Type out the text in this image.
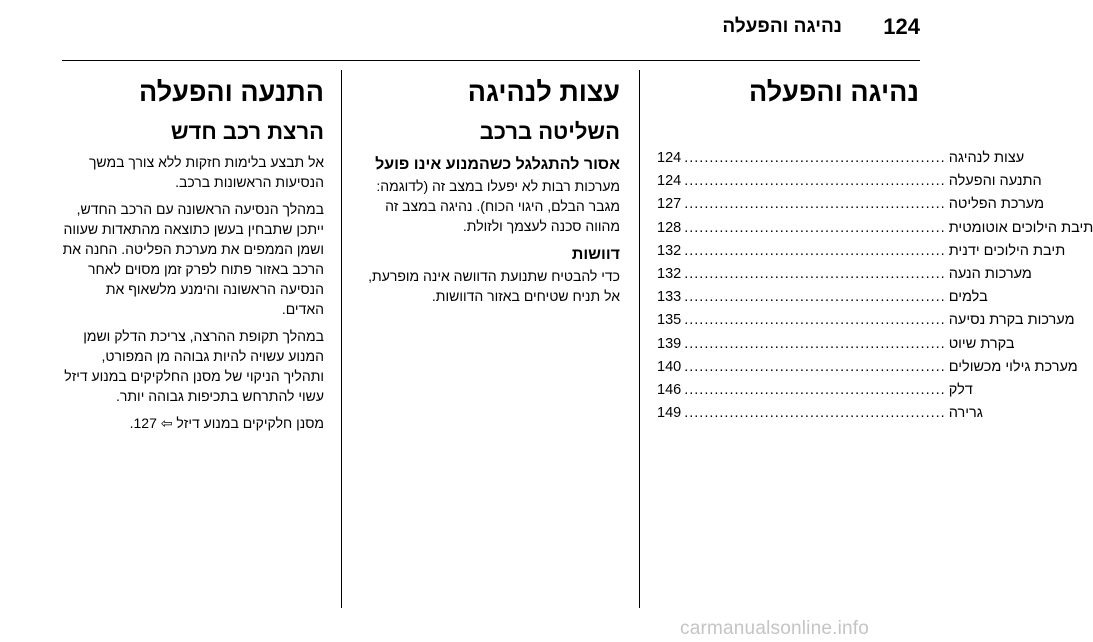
124
נהיגה והפעלה
נהיגה והפעלה
124 .................................................... עצות לנהיגה
124 .................................................... התנעה והפעלה
127 .................................................... מערכת הפליטה
128 .................................................... תיבת הילוכים אוטומטית
132 .................................................... תיבת הילוכים ידנית
132 .................................................... מערכות הנעה
133 .................................................... בלמים
135 .................................................... מערכות בקרת נסיעה
139 .................................................... בקרת שיוט
140 .................................................... מערכת גילוי מכשולים
146 .................................................... דלק
149 .................................................... גרירה
עצות לנהיגה
השליטה ברכב
אסור להתגלגל כשהמנוע אינו פועל

מערכות רבות לא יפעלו במצב זה (לדוגמה: מגבר הבלם, היגוי הכוח). נהיגה במצב זה מהווה סכנה לעצמך ולזולת.

דוושות

כדי להבטיח שתנועת הדוושה אינה מופרעת, אל תניח שטיחים באזור הדוושות.

התנעה והפעלה
הרצת רכב חדש

אל תבצע בלימות חזקות ללא צורך במשך הנסיעות הראשונות ברכב.

במהלך הנסיעה הראשונה עם הרכב החדש, ייתכן שתבחין בעשן כתוצאה מהתאדות שעווה ושמן הממפים את מערכת הפליטה. החנה את הרכב באזור פתוח לפרק זמן מסוים לאחר הנסיעה הראשונה והימנע מלשאוף את האדים.

במהלך תקופת ההרצה, צריכת הדלק ושמן המנוע עשויה להיות גבוהה מן המפורט, ותהליך הניקוי של מסנן החלקיקים במנוע דיזל עשוי להתרחש בתכיפות גבוהה יותר.

מסנן חלקיקים במנוע דיזל ⇦ 127.

carmanualsonline.info
